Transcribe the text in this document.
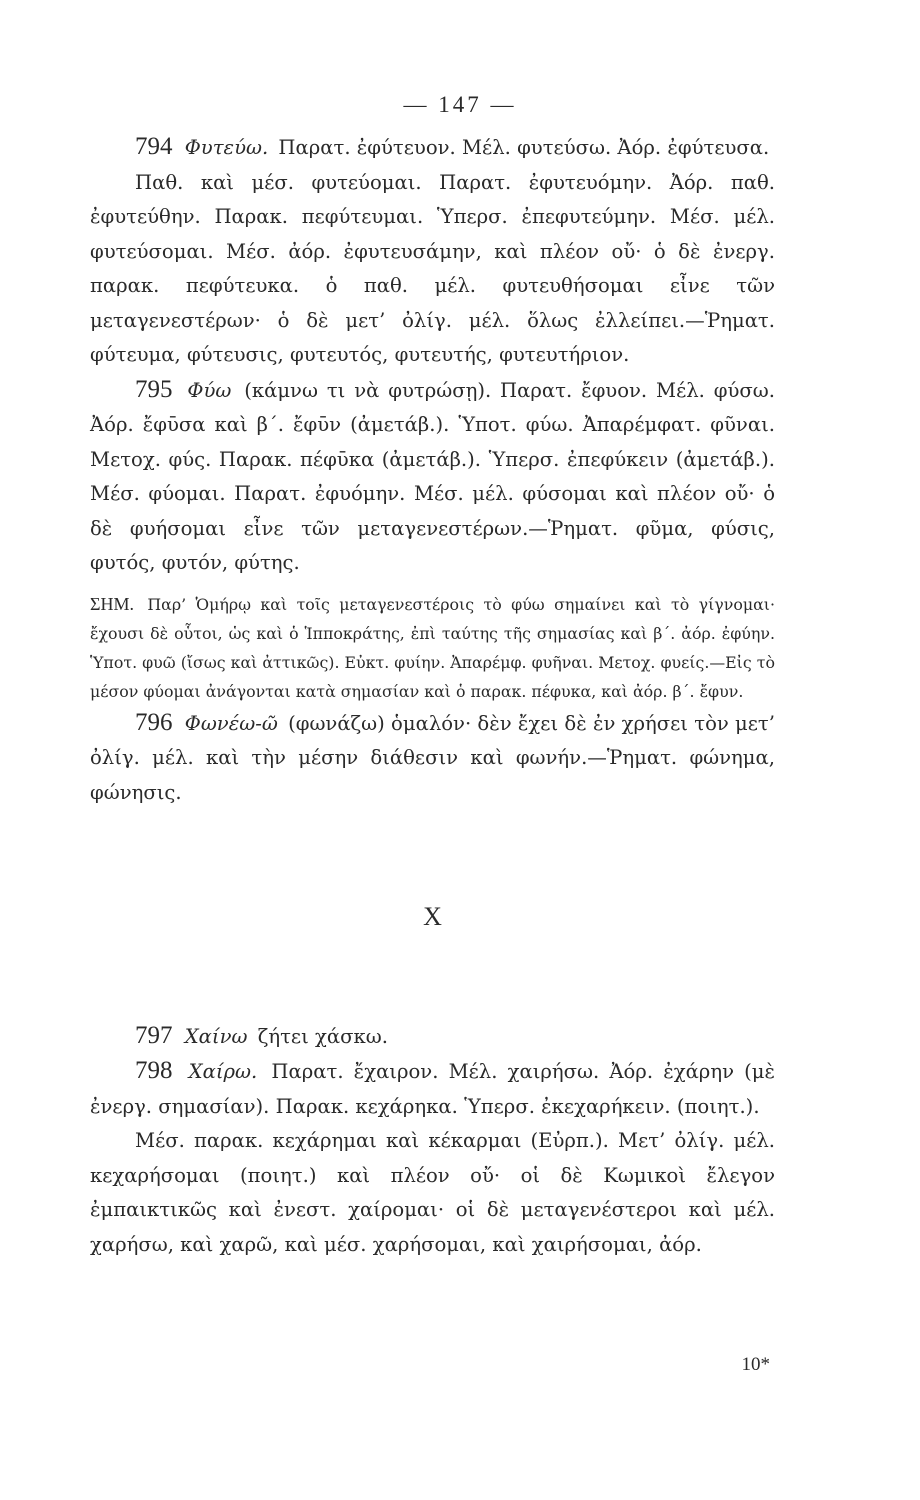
— 147 —

794 Φυτεύω. Παρατ. ἐφύτευον. Μέλ. φυτεύσω. Ἀόρ. ἐφύτευσα.

Παθ. καὶ μέσ. φυτεύομαι. Παρατ. ἐφυτευόμην. Ἀόρ. παθ. ἐφυτεύθην. Παρακ. πεφύτευμαι. Ὑπερσ. ἐπεφυτεύμην. Μέσ. μέλ. φυτεύσομαι. Μέσ. ἀόρ. ἐφυτευσάμην, καὶ πλέον οὔ· ὁ δὲ ἐνεργ. παρακ. πεφύτευκα. ὁ παθ. μέλ. φυτευθήσομαι εἶνε τῶν μεταγενεστέρων· ὁ δὲ μετ’ ὀλίγ. μέλ. ὅλως ἐλλείπει.—Ῥηματ. φύτευμα, φύτευσις, φυτευτός, φυτευτής, φυτευτήριον.

795 Φύω (κάμνω τι νὰ φυτρώσῃ). Παρατ. ἔφυον. Μέλ. φύσω. Ἀόρ. ἔφῡσα καὶ β΄. ἔφῡν (ἀμετάβ.). Ὑποτ. φύω. Ἀπαρέμφατ. φῦναι. Μετοχ. φύς. Παρακ. πέφῡκα (ἀμετάβ.). Ὑπερσ. ἐπεφύκειν (ἀμετάβ.). Μέσ. φύομαι. Παρατ. ἐφυόμην. Μέσ. μέλ. φύσομαι καὶ πλέον οὔ· ὁ δὲ φυήσομαι εἶνε τῶν μεταγενεστέρων.—Ῥηματ. φῦμα, φύσις, φυτός, φυτόν, φύτης.

ΣΗΜ. Παρ’ Ὁμήρῳ καὶ τοῖς μεταγενεστέροις τὸ φύω σημαίνει καὶ τὸ γίγνομαι· ἔχουσι δὲ οὗτοι, ὡς καὶ ὁ Ἱπποκράτης, ἐπὶ ταύτης τῆς σημασίας καὶ β΄. ἀόρ. ἐφύην. Ὑποτ. φυῶ (ἴσως καὶ ἀττικῶς). Εὐκτ. φυίην. Ἀπαρέμφ. φυῆναι. Μετοχ. φυείς.—Εἰς τὸ μέσον φύομαι ἀνάγονται κατὰ σημασίαν καὶ ὁ παρακ. πέφυκα, καὶ ἀόρ. β΄. ἔφυν.

796 Φωνέω-ῶ (φωνάζω) ὁμαλόν· δὲν ἔχει δὲ ἐν χρήσει τὸν μετ’ ὀλίγ. μέλ. καὶ τὴν μέσην διάθεσιν καὶ φωνήν.—Ῥηματ. φώνημα, φώνησις.

X

797 Χαίνω ζήτει χάσκω.

798 Χαίρω. Παρατ. ἔχαιρον. Μέλ. χαιρήσω. Ἀόρ. ἐχάρην (μὲ ἐνεργ. σημασίαν). Παρακ. κεχάρηκα. Ὑπερσ. ἐκεχαρήκειν. (ποιητ.).

Μέσ. παρακ. κεχάρημαι καὶ κέκαρμαι (Εὐρπ.). Μετ’ ὀλίγ. μέλ. κεχαρήσομαι (ποιητ.) καὶ πλέον οὔ· οἱ δὲ Κωμικοὶ ἔλεγον ἐμπαικτικῶς καὶ ἐνεστ. χαίρομαι· οἱ δὲ μεταγενέστεροι καὶ μέλ. χαρήσω, καὶ χαρῶ, καὶ μέσ. χαρήσομαι, καὶ χαιρήσομαι, ἀόρ.

10*
